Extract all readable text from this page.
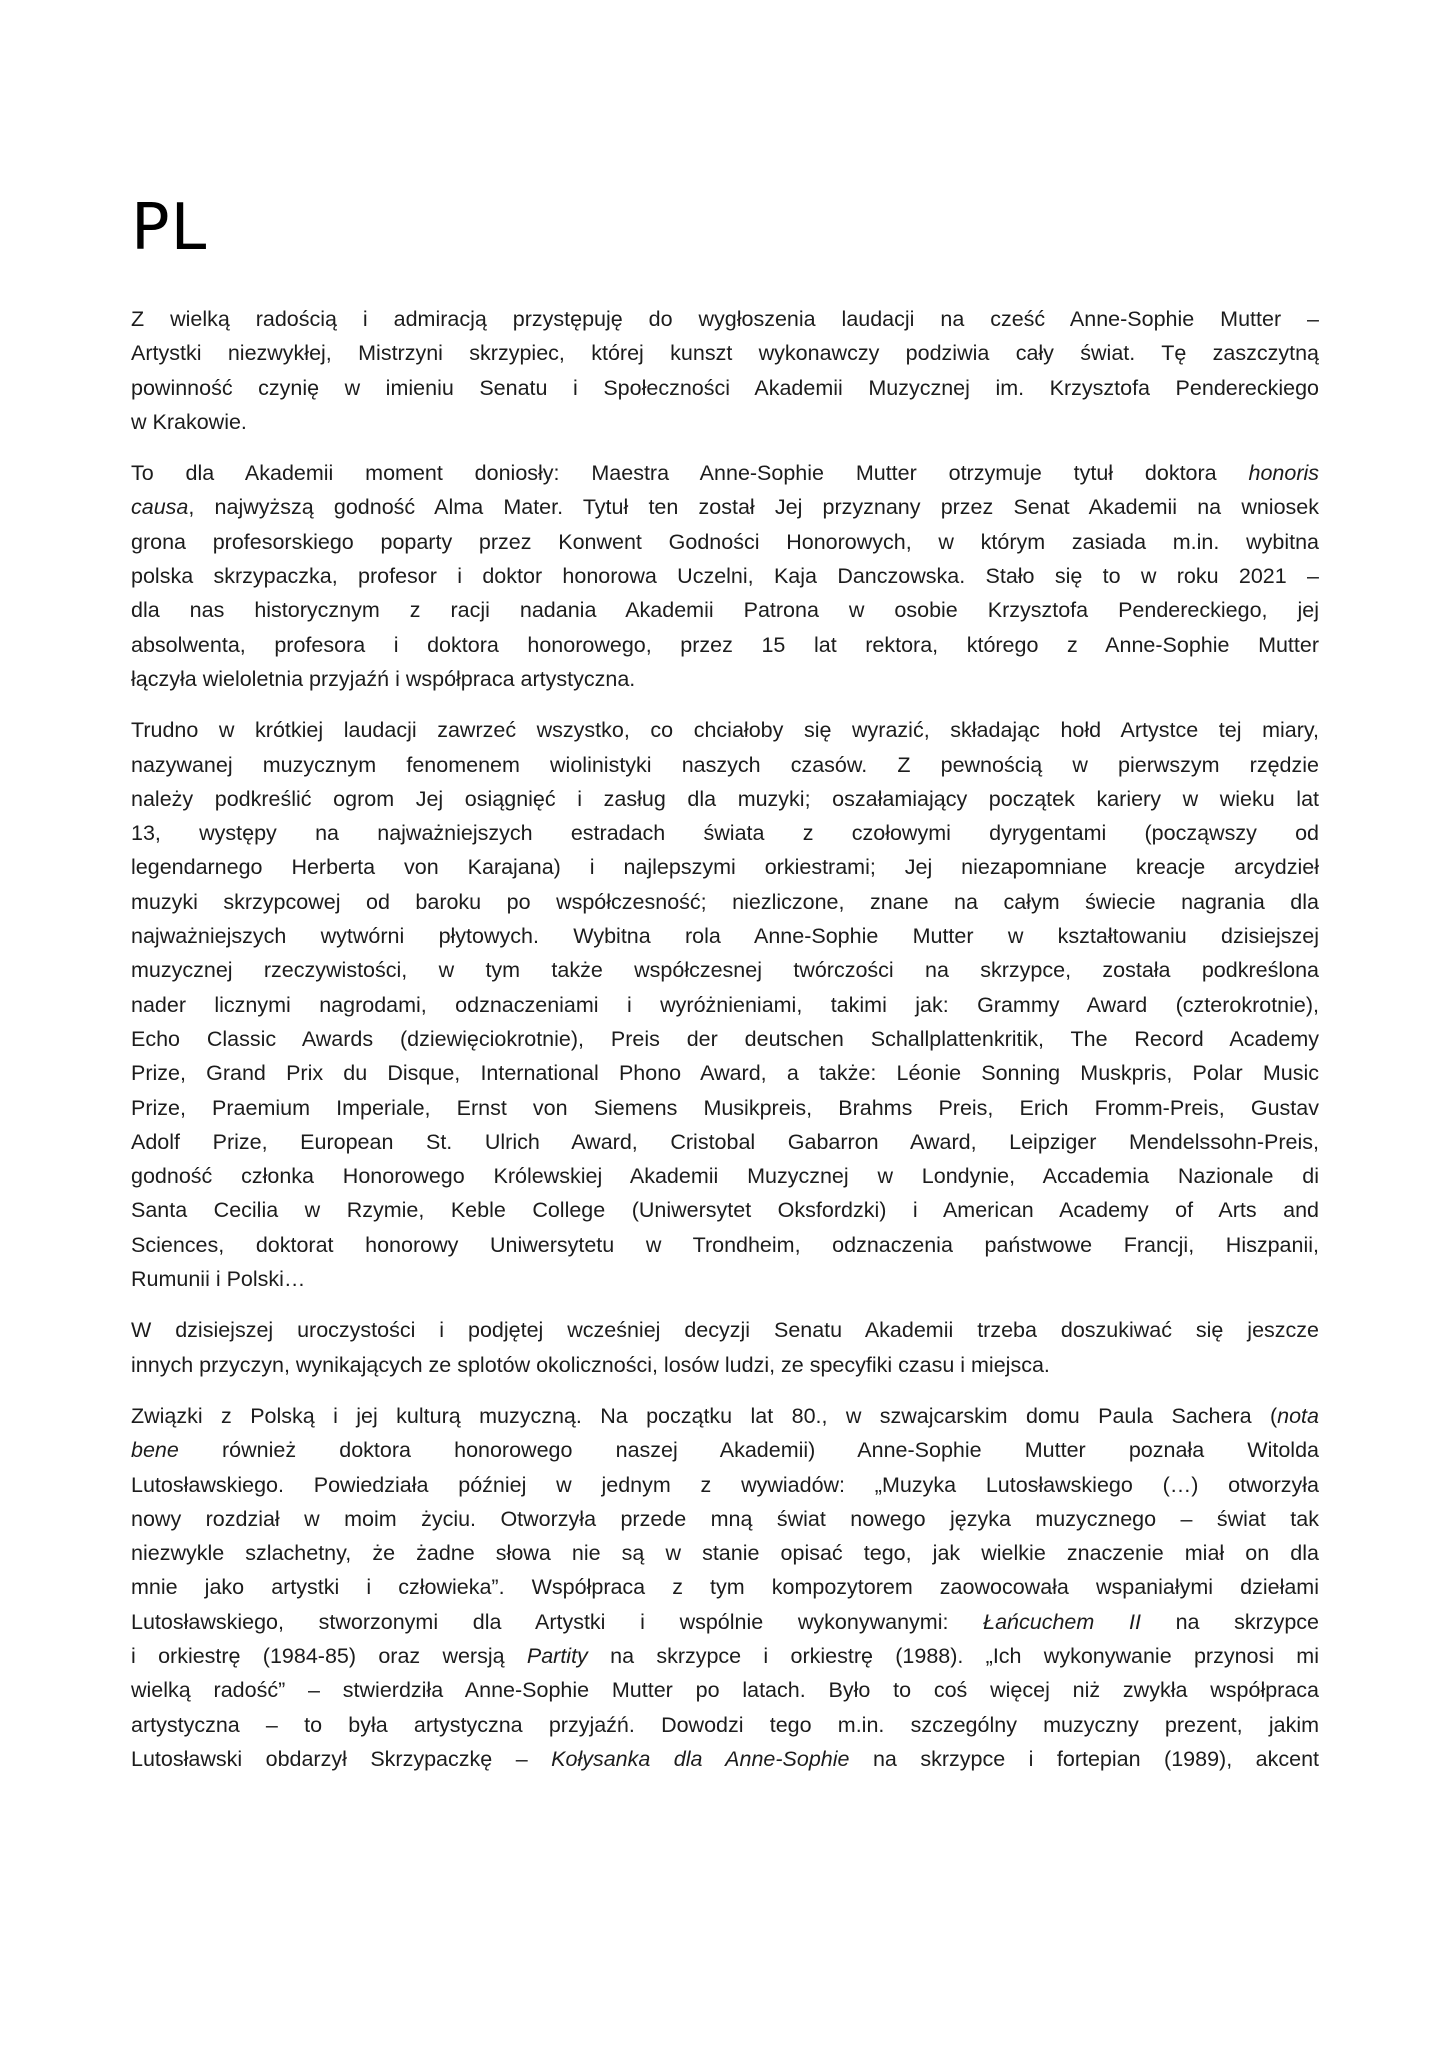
PL
Z wielką radością i admiracją przystępuję do wygłoszenia laudacji na cześć Anne-Sophie Mutter –
Artystki niezwykłej, Mistrzyni skrzypiec, której kunszt wykonawczy podziwia cały świat. Tę zaszczytną
powinność czynię w imieniu Senatu i Społeczności Akademii Muzycznej im. Krzysztofa Pendereckiego
w Krakowie.
To dla Akademii moment doniosły: Maestra Anne-Sophie Mutter otrzymuje tytuł doktora honoris
causa, najwyższą godność Alma Mater. Tytuł ten został Jej przyznany przez Senat Akademii na wniosek
grona profesorskiego poparty przez Konwent Godności Honorowych, w którym zasiada m.in. wybitna
polska skrzypaczka, profesor i doktor honorowa Uczelni, Kaja Danczowska. Stało się to w roku 2021 –
dla nas historycznym z racji nadania Akademii Patrona w osobie Krzysztofa Pendereckiego, jej
absolwenta, profesora i doktora honorowego, przez 15 lat rektora, którego z Anne-Sophie Mutter
łączyła wieloletnia przyjaźń i współpraca artystyczna.
Trudno w krótkiej laudacji zawrzeć wszystko, co chciałoby się wyrazić, składając hołd Artystce tej miary,
nazywanej muzycznym fenomenem wiolinistyki naszych czasów. Z pewnością w pierwszym rzędzie
należy podkreślić ogrom Jej osiągnięć i zasług dla muzyki; oszałamiający początek kariery w wieku lat
13, występy na najważniejszych estradach świata z czołowymi dyrygentami (począwszy od
legendarnego Herberta von Karajana) i najlepszymi orkiestrami; Jej niezapomniane kreacje arcydzieł
muzyki skrzypcowej od baroku po współczesność; niezliczone, znane na całym świecie nagrania dla
najważniejszych wytwórni płytowych. Wybitna rola Anne-Sophie Mutter w kształtowaniu dzisiejszej
muzycznej rzeczywistości, w tym także współczesnej twórczości na skrzypce, została podkreślona
nader licznymi nagrodami, odznaczeniami i wyróżnieniami, takimi jak: Grammy Award (czterokrotnie),
Echo Classic Awards (dziewięciokrotnie), Preis der deutschen Schallplattenkritik, The Record Academy
Prize, Grand Prix du Disque, International Phono Award, a także: Léonie Sonning Muskpris, Polar Music
Prize, Praemium Imperiale, Ernst von Siemens Musikpreis, Brahms Preis, Erich Fromm-Preis, Gustav
Adolf Prize, European St. Ulrich Award, Cristobal Gabarron Award, Leipziger Mendelssohn-Preis,
godność członka Honorowego Królewskiej Akademii Muzycznej w Londynie, Accademia Nazionale di
Santa Cecilia w Rzymie, Keble College (Uniwersytet Oksfordzki) i American Academy of Arts and
Sciences, doktorat honorowy Uniwersytetu w Trondheim, odznaczenia państwowe Francji, Hiszpanii,
Rumunii i Polski…
W dzisiejszej uroczystości i podjętej wcześniej decyzji Senatu Akademii trzeba doszukiwać się jeszcze
innych przyczyn, wynikających ze splotów okoliczności, losów ludzi, ze specyfiki czasu i miejsca.
Związki z Polską i jej kulturą muzyczną. Na początku lat 80., w szwajcarskim domu Paula Sachera (nota
bene również doktora honorowego naszej Akademii) Anne-Sophie Mutter poznała Witolda
Lutosławskiego. Powiedziała później w jednym z wywiadów: „Muzyka Lutosławskiego (…) otworzyła
nowy rozdział w moim życiu. Otworzyła przede mną świat nowego języka muzycznego – świat tak
niezwykle szlachetny, że żadne słowa nie są w stanie opisać tego, jak wielkie znaczenie miał on dla
mnie jako artystki i człowieka”. Współpraca z tym kompozytorem zaowocowała wspaniałymi dziełami
Lutosławskiego, stworzonymi dla Artystki i wspólnie wykonywanymi: Łańcuchem II na skrzypce
i orkiestrę (1984-85) oraz wersją Partity na skrzypce i orkiestrę (1988). „Ich wykonywanie przynosi mi
wielką radość” – stwierdziła Anne-Sophie Mutter po latach. Było to coś więcej niż zwykła współpraca
artystyczna – to była artystyczna przyjaźń. Dowodzi tego m.in. szczególny muzyczny prezent, jakim
Lutosławski obdarzył Skrzypaczkę – Kołysanka dla Anne-Sophie na skrzypce i fortepian (1989), akcent
